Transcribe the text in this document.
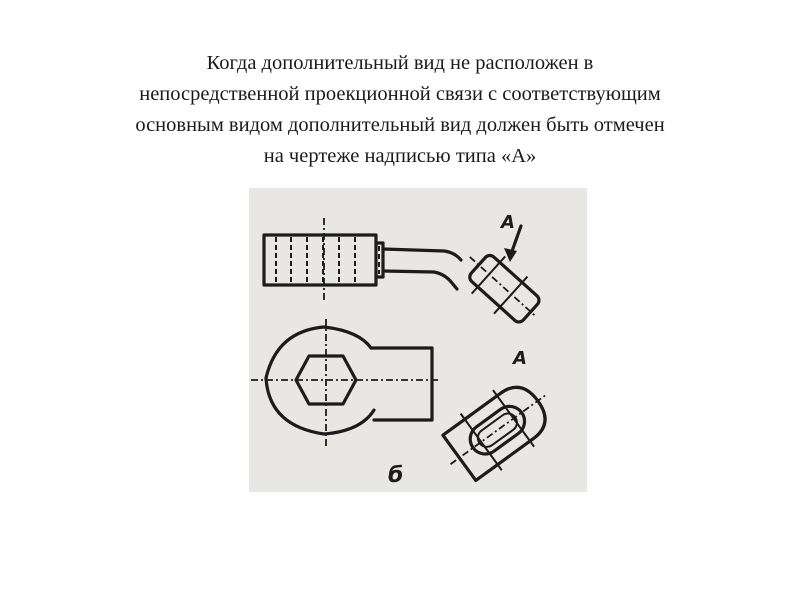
Когда дополнительный вид не расположен в
непосредственной проекционной связи с соответствующим
основным видом дополнительный вид должен быть отмечен
на чертеже надписью типа «А»
А
А
б
